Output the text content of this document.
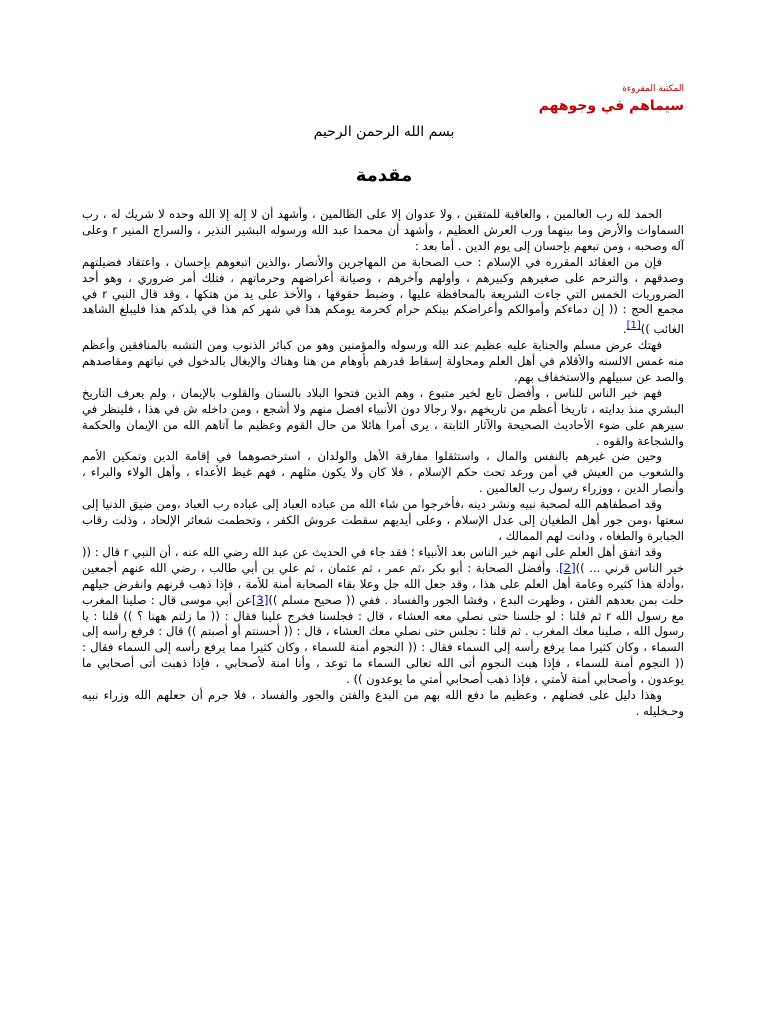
المكتبة المقروءة
سيماهم في وجوههم
بسم الله الرحمن الرحيم
مقدمة

الحمد لله رب العالمين ، والعاقبة للمتقين ، ولا عدوان إلا على الظالمين ، وأشهد أن لا إله إلا الله وحده لا شريك له ، رب السماوات والأرض وما بينهما ورب العرش العظيم ، وأشهد أن محمدا عبد الله ورسوله البشير النذير ، والسراج المنير r وعلى آله وصحبه ، ومن تبعهم بإحسان إلى يوم الدين . أما بعد :

فإن من العقائد المقرره في الإسلام : حب الصحابة من المهاجرين والأنصار ،والذين اتبعوهم بإحسان ، واعتقاد فضيلتهم وصدقهم ، والترحم على صغيرهم وكبيرهم ، وأولهم وآخرهم ، وصيانة أعراضهم وحرماتهم ، فتلك أمر ضروري ، وهو أحد الضروريات الخمس التي جاءت الشريعة بالمحافظة عليها ، وضبط حقوقها ، والأخذ على يد من هتكها ، وقد قال النبي r في مجمع الحج : (( إن دماءكم وأموالكم وأعراضكم بينكم حرام كحرمة يومكم هذا في شهر كم هذا في بلدكم هذا فليبلغ الشاهد الغائب ))[1].

فهتك عرض مسلم والجناية عليه عظيم عند الله ورسوله والمؤمنين وهو من كبائر الذنوب ومن التشبه بالمنافقين وأعظم منه غمس الالسنه والأقلام في أهل العلم ومحاولة إسقاط قدرهم بأوهام من هنا وهناك والإيغال بالدخول في نياتهم ومقاصدهم والصد عن سبيلهم والاستخفاف بهم.

فهم خير الناس للناس ، وأفضل تابع لخير متبوع ، وهم الذين فتحوا البلاد بالسنان والقلوب بالإيمان ، ولم يعرف التاريخ البشري منذ بدايته ، تاريخا أعظم من تاريخهم ،ولا رجالا دون الأنبياء افضل منهم ولا أشجع ، ومن داخله ش في هذا ، فلينظر في سيرهم على ضوء الأحاديث الصحيحة والآثار الثابتة ، يرى أمرا هائلا من حال القوم وعظيم ما آتاهم الله من الإيمان والحكمة والشجاعة والقوه .

وحين ضن غيرهم بالنفس والمال ، واستثقلوا مفارقة الأهل والولدان ، استرخصوهما في إقامة الدين وتمكين الأمم والشعوب من العيش في أمن ورغد تحت حكم الإسلام ، فلا كان ولا يكون مثلهم ، فهم غيظ الأعداء ، وأهل الولاء والبراء ، وأنصار الدين ، ووزراء رسول رب العالمين .

وقد اصطفاهم الله لصحبة نبيه ونشر دينه ،فأخرجوا من شاء الله من عباده العباد إلى عباده رب العباد ،ومن ضيق الدنيا إلى سعتها ،ومن جور أهل الطغيان إلى عدل الإسلام ، وعلى أيديهم سقطت عروش الكفر ، وتحطمت شعائر الإلحاد ، وذلت رقاب الجبابرة والطغاه ، ودانت لهم الممالك ،

وقد اتفق أهل العلم على انهم خير الناس بعد الأنبياء ؛ فقد جاء في الحديث عن عبد الله رضي الله عنه ، أن النبي r قال : (( خير الناس قرني ... ))[2]. وأفضل الصحابة : أبو بكر ،ثم عمر ، ثم عثمان ، ثم علي بن أبي طالب ، رضي الله عنهم أجمعين ،وأدلة هذا كثيره وعامة أهل العلم على هذا ، وقد جعل الله جل وعلا بقاء الصحابة أمنة للأمة ، فإذا ذهب قرنهم وانقرض جيلهم حلت بمن بعدهم الفتن ، وظهرت البدع ، وفشا الجور والفساد . ففي (( صحيح مسلم ))[3]عن أبي موسى قال : صلينا المغرب مع رسول الله r ثم قلنا : لو جلسنا حتى نصلي معه العشاء ، قال : فجلسنا فخرج علينا فقال : (( ما زلتم ههنا ؟ )) قلنا : يا رسول الله ، صلينا معك المغرب . ثم قلنا : نجلس حتى نصلي معك العشاء ، قال : (( أحسنتم أو أصبتم )) قال : فرفع رأسه إلى السماء ، وكان كثيرا مما يرفع رأسه إلى السماء فقال : (( النجوم أمنة للسماء ، وكان كثيرا مما يرفع رأسه إلى السماء فقال : (( النجوم أمنة للسماء ، فإذا هبت النجوم أتى الله تعالى السماء ما توعد ، وأنا امنة لأصحابي ، فإذا ذهبت أتى أصحابي ما يوعدون ، وأصحابي أمنة لأمتي ، فإذا ذهب أصحابي أمتي ما يوعدون )) .

وهذا دليل على فضلهم ، وعظيم ما دفع الله بهم من البدع والفتن والجور والفساد ، فلا جرم أن جعلهم الله وزراء نبيه وحـخليله .
